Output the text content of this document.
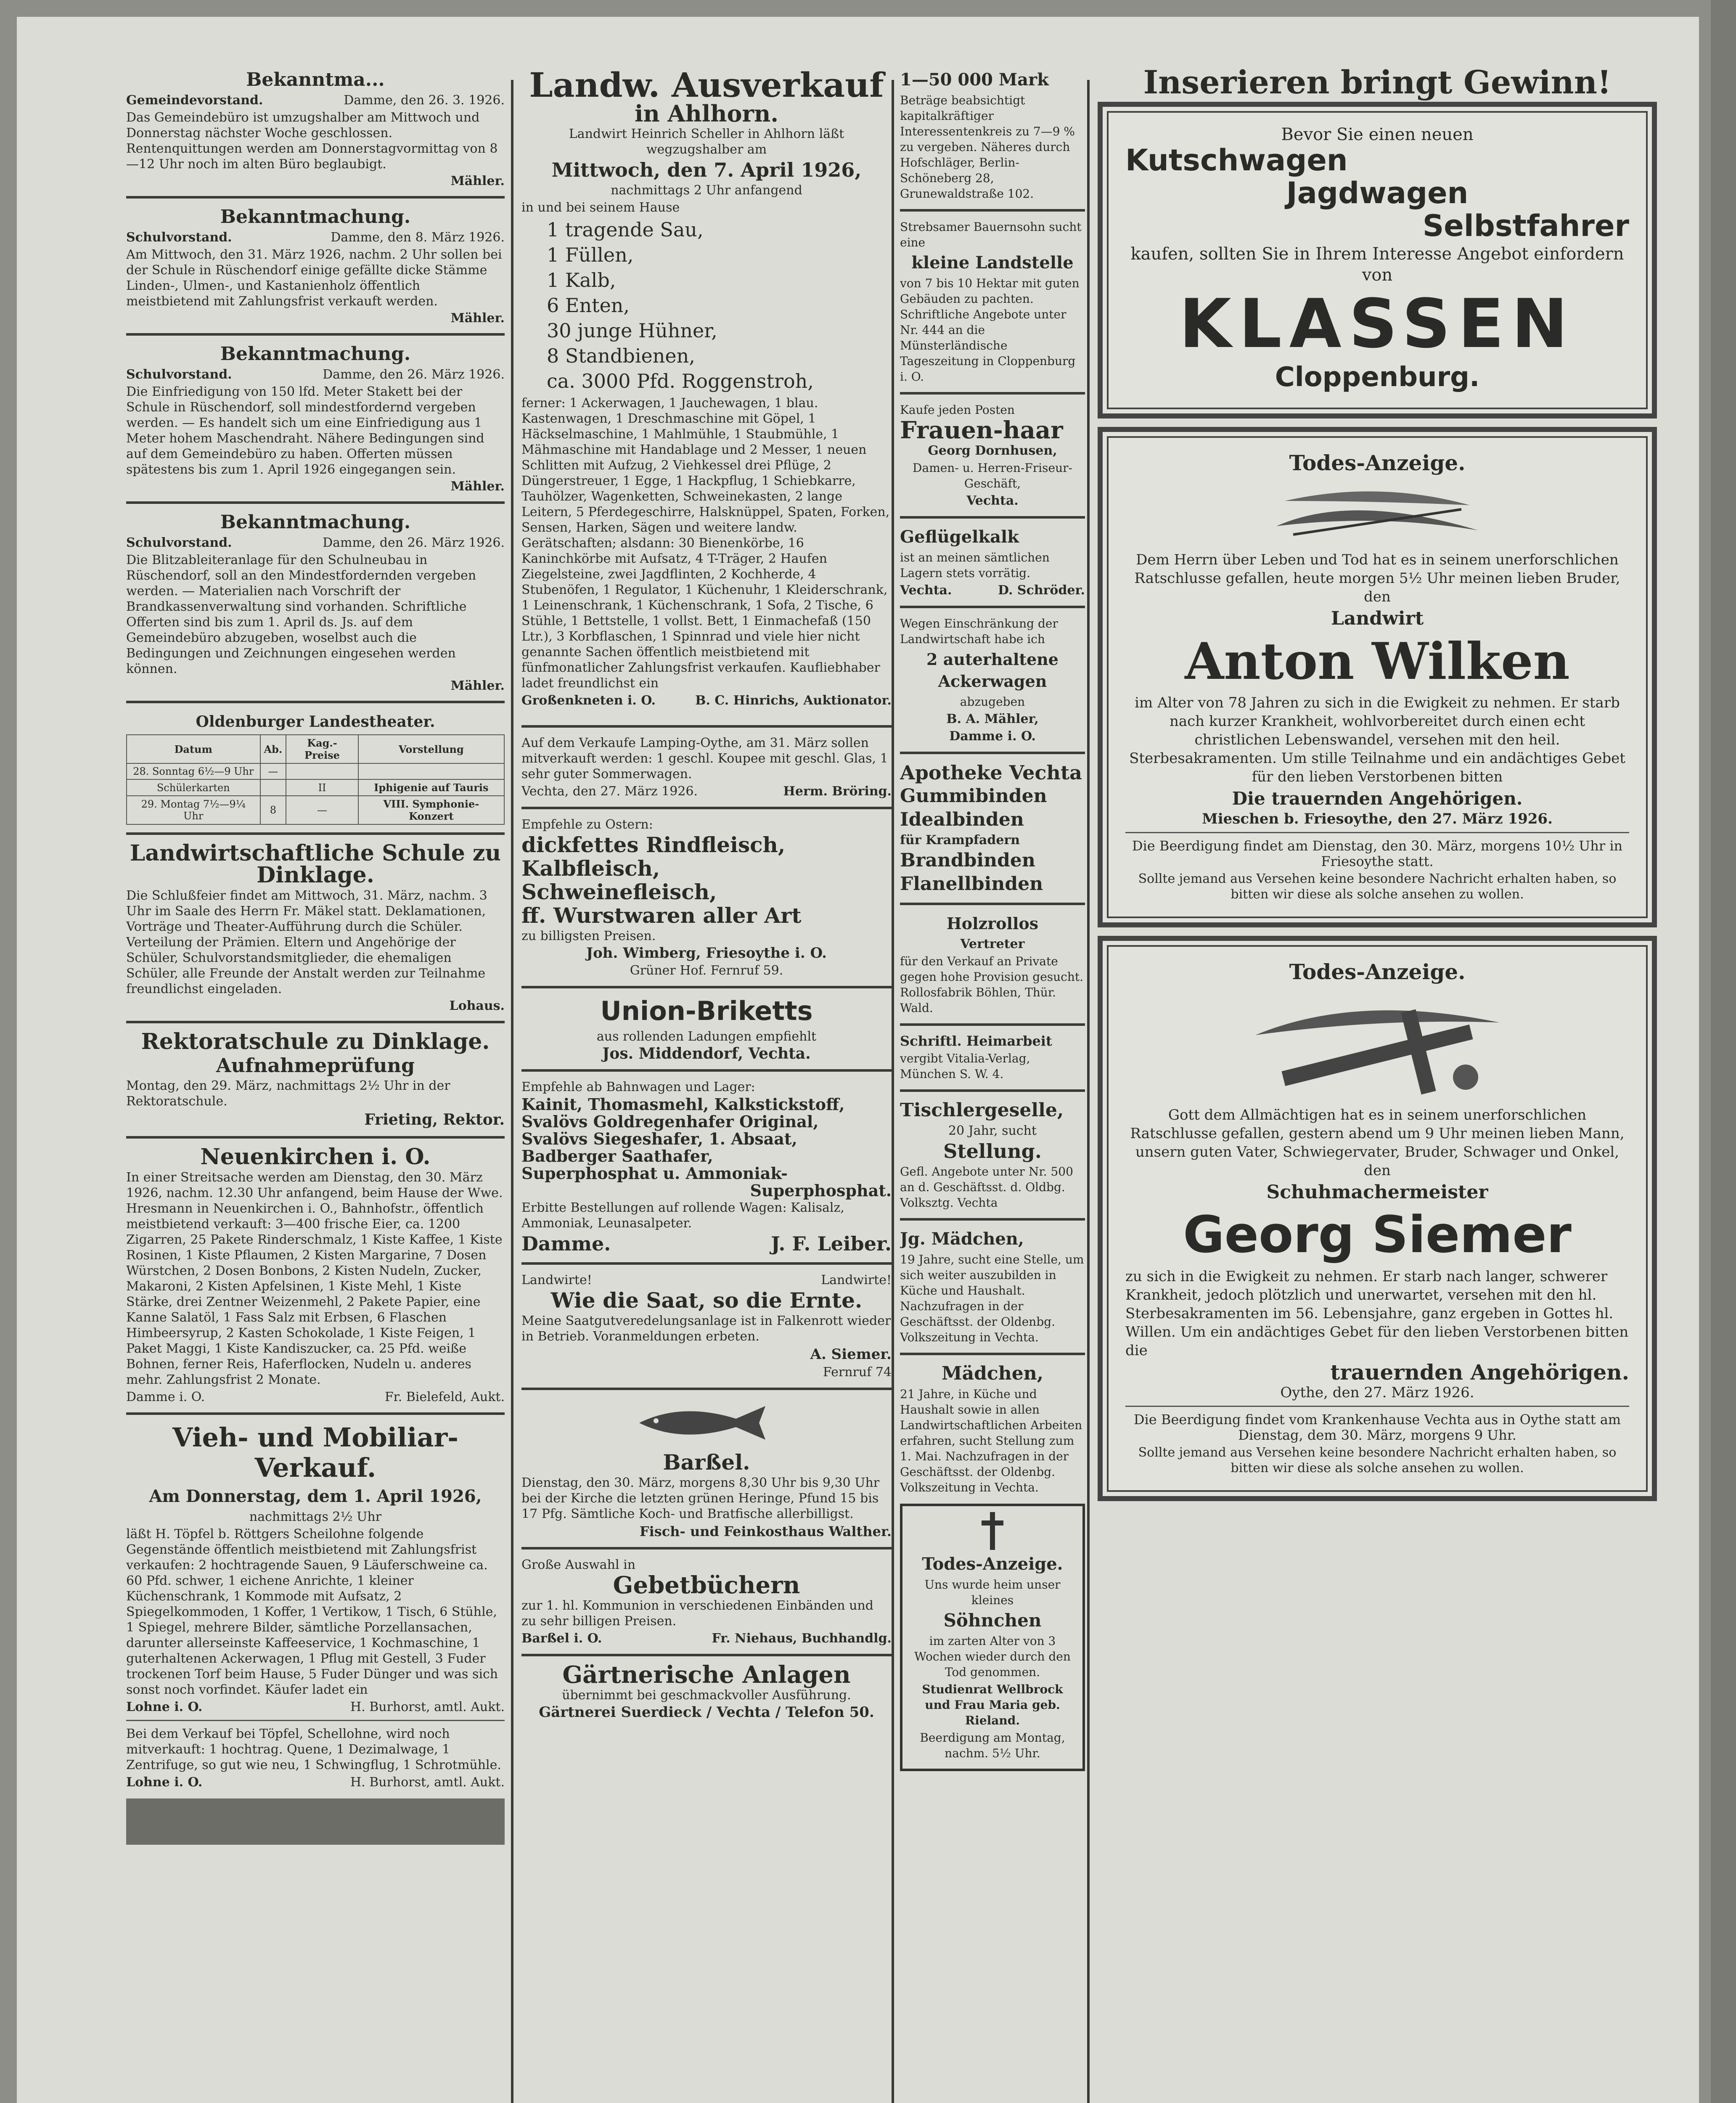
Bekanntma...
Gemeindevorstand.	Damme, den 26. 3. 1926.

Das Gemeindebüro ist umzugshalber am Mittwoch und Donnerstag nächster Woche geschlossen. Rentenquittungen werden am Donnerstagvormittag von 8—12 Uhr noch im alten Büro beglaubigt.

Mähler.
Bekanntmachung.
Schulvorstand.	Damme, den 8. März 1926.

Am Mittwoch, den 31. März 1926, nachm. 2 Uhr sollen bei der Schule in Rüschendorf einige gefällte dicke Stämme Linden-, Ulmen-, und Kastanienholz öffentlich meistbietend mit Zahlungsfrist verkauft werden.

Mähler.
Bekanntmachung.
Schulvorstand.	Damme, den 26. März 1926.

Die Einfriedigung von 150 lfd. Meter Stakett bei der Schule in Rüschendorf, soll mindestfordernd vergeben werden. — Es handelt sich um eine Einfriedigung aus 1 Meter hohem Maschendraht. Nähere Bedingungen sind auf dem Gemeindebüro zu haben. Offerten müssen spätestens bis zum 1. April 1926 eingegangen sein.

Mähler.
Bekanntmachung.
Schulvorstand.	Damme, den 26. März 1926.

Die Blitzableiteranlage für den Schulneubau in Rüschendorf, soll an den Mindestfordernden vergeben werden. — Materialien nach Vorschrift der Brandkassenverwaltung sind vorhanden. Schriftliche Offerten sind bis zum 1. April ds. Js. auf dem Gemeindebüro abzugeben, woselbst auch die Bedingungen und Zeichnungen eingesehen werden können.

Mähler.
Oldenburger Landestheater.
Datum	Ab.	Kag.-Preise	Vorstellung
28. Sonntag 6½—9 Uhr	—		
Schülerkarten		II	Iphigenie auf Tauris
29. Montag 7½—9¼ Uhr	8	—	VIII. Symphonie-Konzert
Landwirtschaftliche Schule zu Dinklage.

Die Schlußfeier findet am Mittwoch, 31. März, nachm. 3 Uhr im Saale des Herrn Fr. Mäkel statt. Deklamationen, Vorträge und Theater-Aufführung durch die Schüler. Verteilung der Prämien. Eltern und Angehörige der Schüler, Schulvorstandsmitglieder, die ehemaligen Schüler, alle Freunde der Anstalt werden zur Teilnahme freundlichst eingeladen.

Lohaus.
Rektoratschule zu Dinklage.
Aufnahmeprüfung

Montag, den 29. März, nachmittags 2½ Uhr in der Rektoratschule.

Frieting, Rektor.
Neuenkirchen i. O.

In einer Streitsache werden am Dienstag, den 30. März 1926, nachm. 12.30 Uhr anfangend, beim Hause der Wwe. Hresmann in Neuenkirchen i. O., Bahnhofstr., öffentlich meistbietend verkauft: 3—400 frische Eier, ca. 1200 Zigarren, 25 Pakete Rinderschmalz, 1 Kiste Kaffee, 1 Kiste Rosinen, 1 Kiste Pflaumen, 2 Kisten Margarine, 7 Dosen Würstchen, 2 Dosen Bonbons, 2 Kisten Nudeln, Zucker, Makaroni, 2 Kisten Apfelsinen, 1 Kiste Mehl, 1 Kiste Stärke, drei Zentner Weizenmehl, 2 Pakete Papier, eine Kanne Salatöl, 1 Fass Salz mit Erbsen, 6 Flaschen Himbeersyrup, 2 Kasten Schokolade, 1 Kiste Feigen, 1 Paket Maggi, 1 Kiste Kandiszucker, ca. 25 Pfd. weiße Bohnen, ferner Reis, Haferflocken, Nudeln u. anderes mehr. Zahlungsfrist 2 Monate.

Damme i. O.	Fr. Bielefeld, Aukt.
Vieh- und Mobiliar-Verkauf.
Am Donnerstag, dem 1. April 1926,
nachmittags 2½ Uhr

läßt H. Töpfel b. Röttgers Scheilohne folgende Gegenstände öffentlich meistbietend mit Zahlungsfrist verkaufen: 2 hochtragende Sauen, 9 Läuferschweine ca. 60 Pfd. schwer, 1 eichene Anrichte, 1 kleiner Küchenschrank, 1 Kommode mit Aufsatz, 2 Spiegelkommoden, 1 Koffer, 1 Vertikow, 1 Tisch, 6 Stühle, 1 Spiegel, mehrere Bilder, sämtliche Porzellansachen, darunter allerseinste Kaffeeservice, 1 Kochmaschine, 1 guterhaltenen Ackerwagen, 1 Pflug mit Gestell, 3 Fuder trockenen Torf beim Hause, 5 Fuder Dünger und was sich sonst noch vorfindet. Käufer ladet ein

Lohne i. O.	H. Burhorst, amtl. Aukt.

Bei dem Verkauf bei Töpfel, Schellohne, wird noch mitverkauft: 1 hochtrag. Quene, 1 Dezimalwage, 1 Zentrifuge, so gut wie neu, 1 Schwingflug, 1 Schrotmühle.

Lohne i. O.	H. Burhorst, amtl. Aukt.
Landw. Ausverkauf
in Ahlhorn.

Landwirt Heinrich Scheller in Ahlhorn läßt wegzugshalber am

Mittwoch, den 7. April 1926,
nachmittags 2 Uhr anfangend

in und bei seinem Hause

1 tragende Sau,

1 Füllen,

1 Kalb,

6 Enten,

30 junge Hühner,

8 Standbienen,

ca. 3000 Pfd. Roggenstroh,

ferner: 1 Ackerwagen, 1 Jauchewagen, 1 blau. Kastenwagen, 1 Dreschmaschine mit Göpel, 1 Häckselmaschine, 1 Mahlmühle, 1 Staubmühle, 1 Mähmaschine mit Handablage und 2 Messer, 1 neuen Schlitten mit Aufzug, 2 Viehkessel drei Pflüge, 2 Düngerstreuer, 1 Egge, 1 Hackpflug, 1 Schiebkarre, Tauhölzer, Wagenketten, Schweinekasten, 2 lange Leitern, 5 Pferdegeschirre, Halsknüppel, Spaten, Forken, Sensen, Harken, Sägen und weitere landw. Gerätschaften; alsdann: 30 Bienenkörbe, 16 Kaninchkörbe mit Aufsatz, 4 T-Träger, 2 Haufen Ziegelsteine, zwei Jagdflinten, 2 Kochherde, 4 Stubenöfen, 1 Regulator, 1 Küchenuhr, 1 Kleiderschrank, 1 Leinenschrank, 1 Küchenschrank, 1 Sofa, 2 Tische, 6 Stühle, 1 Bettstelle, 1 vollst. Bett, 1 Einmachefaß (150 Ltr.), 3 Korbflaschen, 1 Spinnrad und viele hier nicht genannte Sachen öffentlich meistbietend mit fünfmonatlicher Zahlungsfrist verkaufen. Kaufliebhaber ladet freundlichst ein

Großenkneten i. O.	B. C. Hinrichs, Auktionator.

Auf dem Verkaufe Lamping-Oythe, am 31. März sollen mitverkauft werden: 1 geschl. Koupee mit geschl. Glas, 1 sehr guter Sommerwagen.

Vechta, den 27. März 1926.	Herm. Bröring.

Empfehle zu Ostern:

dickfettes Rindfleisch,
Kalbfleisch,
Schweinefleisch,
ff. Wurstwaren aller Art

zu billigsten Preisen.

Joh. Wimberg, Friesoythe i. O.
Grüner Hof. Fernruf 59.
Union-Briketts

aus rollenden Ladungen empfiehlt

Jos. Middendorf, Vechta.

Empfehle ab Bahnwagen und Lager:

Kainit, Thomasmehl, Kalkstickstoff,
Svalövs Goldregenhafer Original,
Svalövs Siegeshafer, 1. Absaat,
Badberger Saathafer,
Superphosphat u. Ammoniak-
Superphosphat.

Erbitte Bestellungen auf rollende Wagen: Kalisalz, Ammoniak, Leunasalpeter.

Damme.	J. F. Leiber.
Landwirte!	Landwirte!
Wie die Saat, so die Ernte.

Meine Saatgutveredelungsanlage ist in Falkenrott wieder in Betrieb. Voranmeldungen erbeten.

A. Siemer.
Fernruf 74
Barßel.

Dienstag, den 30. März, morgens 8,30 Uhr bis 9,30 Uhr bei der Kirche die letzten grünen Heringe, Pfund 15 bis 17 Pfg. Sämtliche Koch- und Bratfische allerbilligst.

Fisch- und Feinkosthaus Walther.

Große Auswahl in

Gebetbüchern

zur 1. hl. Kommunion in verschiedenen Einbänden und zu sehr billigen Preisen.

Barßel i. O.	Fr. Niehaus, Buchhandlg.
Gärtnerische Anlagen

übernimmt bei geschmackvoller Ausführung.

Gärtnerei Suerdieck / Vechta / Telefon 50.
1—50 000 Mark

Beträge beabsichtigt kapitalkräftiger Interessentenkreis zu 7—9 % zu vergeben. Näheres durch Hofschläger, Berlin-Schöneberg 28, Grunewaldstraße 102.

Strebsamer Bauernsohn sucht eine

kleine Landstelle

von 7 bis 10 Hektar mit guten Gebäuden zu pachten. Schriftliche Angebote unter Nr. 444 an die Münsterländische Tageszeitung in Cloppenburg i. O.

Kaufe jeden Posten

Frauen-haar
Georg Dornhusen,

Damen- u. Herren-Friseur-Geschäft,

Vechta.
Geflügelkalk

ist an meinen sämtlichen Lagern stets vorrätig.

Vechta.	D. Schröder.

Wegen Einschränkung der Landwirtschaft habe ich

2 auterhaltene Ackerwagen

abzugeben

B. A. Mähler,
Damme i. O.
Apotheke Vechta
Gummibinden
Idealbinden
für Krampfadern
Brandbinden
Flanellbinden
Holzrollos
Vertreter

für den Verkauf an Private gegen hohe Provision gesucht. Rollosfabrik Böhlen, Thür. Wald.

Schriftl. Heimarbeit

vergibt Vitalia-Verlag, München S. W. 4.

Tischlergeselle,

20 Jahr, sucht

Stellung.

Gefl. Angebote unter Nr. 500 an d. Geschäftsst. d. Oldbg. Volksztg. Vechta

Jg. Mädchen,

19 Jahre, sucht eine Stelle, um sich weiter auszubilden in Küche und Haushalt. Nachzufragen in der Geschäftsst. der Oldenbg. Volkszeitung in Vechta.

Mädchen,

21 Jahre, in Küche und Haushalt sowie in allen Landwirtschaftlichen Arbeiten erfahren, sucht Stellung zum 1. Mai. Nachzufragen in der Geschäftsst. der Oldenbg. Volkszeitung in Vechta.

Todes-Anzeige.

Uns wurde heim unser kleines

Söhnchen

im zarten Alter von 3 Wochen wieder durch den Tod genommen.

Studienrat Wellbrock und Frau Maria geb. Rieland.

Beerdigung am Montag, nachm. 5½ Uhr.

Inserieren bringt Gewinn!

Bevor Sie einen neuen

Kutschwagen
Jagdwagen
Selbstfahrer

kaufen, sollten Sie in Ihrem Interesse Angebot einfordern von

KLASSEN
Cloppenburg.
Todes-Anzeige.

Dem Herrn über Leben und Tod hat es in seinem unerforschlichen Ratschlusse gefallen, heute morgen 5½ Uhr meinen lieben Bruder, den

Landwirt
Anton Wilken

im Alter von 78 Jahren zu sich in die Ewigkeit zu nehmen. Er starb nach kurzer Krankheit, wohlvorbereitet durch einen echt christlichen Lebenswandel, versehen mit den heil. Sterbesakramenten. Um stille Teilnahme und ein andächtiges Gebet für den lieben Verstorbenen bitten

Die trauernden Angehörigen.

Mieschen b. Friesoythe, den 27. März 1926.

Die Beerdigung findet am Dienstag, den 30. März, morgens 10½ Uhr in Friesoythe statt.

Sollte jemand aus Versehen keine besondere Nachricht erhalten haben, so bitten wir diese als solche ansehen zu wollen.

Todes-Anzeige.

Gott dem Allmächtigen hat es in seinem unerforschlichen Ratschlusse gefallen, gestern abend um 9 Uhr meinen lieben Mann, unsern guten Vater, Schwiegervater, Bruder, Schwager und Onkel, den

Schuhmachermeister
Georg Siemer

zu sich in die Ewigkeit zu nehmen. Er starb nach langer, schwerer Krankheit, jedoch plötzlich und unerwartet, versehen mit den hl. Sterbesakramenten im 56. Lebensjahre, ganz ergeben in Gottes hl. Willen. Um ein andächtiges Gebet für den lieben Verstorbenen bitten die

trauernden Angehörigen.

Oythe, den 27. März 1926.

Die Beerdigung findet vom Krankenhause Vechta aus in Oythe statt am Dienstag, dem 30. März, morgens 9 Uhr.

Sollte jemand aus Versehen keine besondere Nachricht erhalten haben, so bitten wir diese als solche ansehen zu wollen.
